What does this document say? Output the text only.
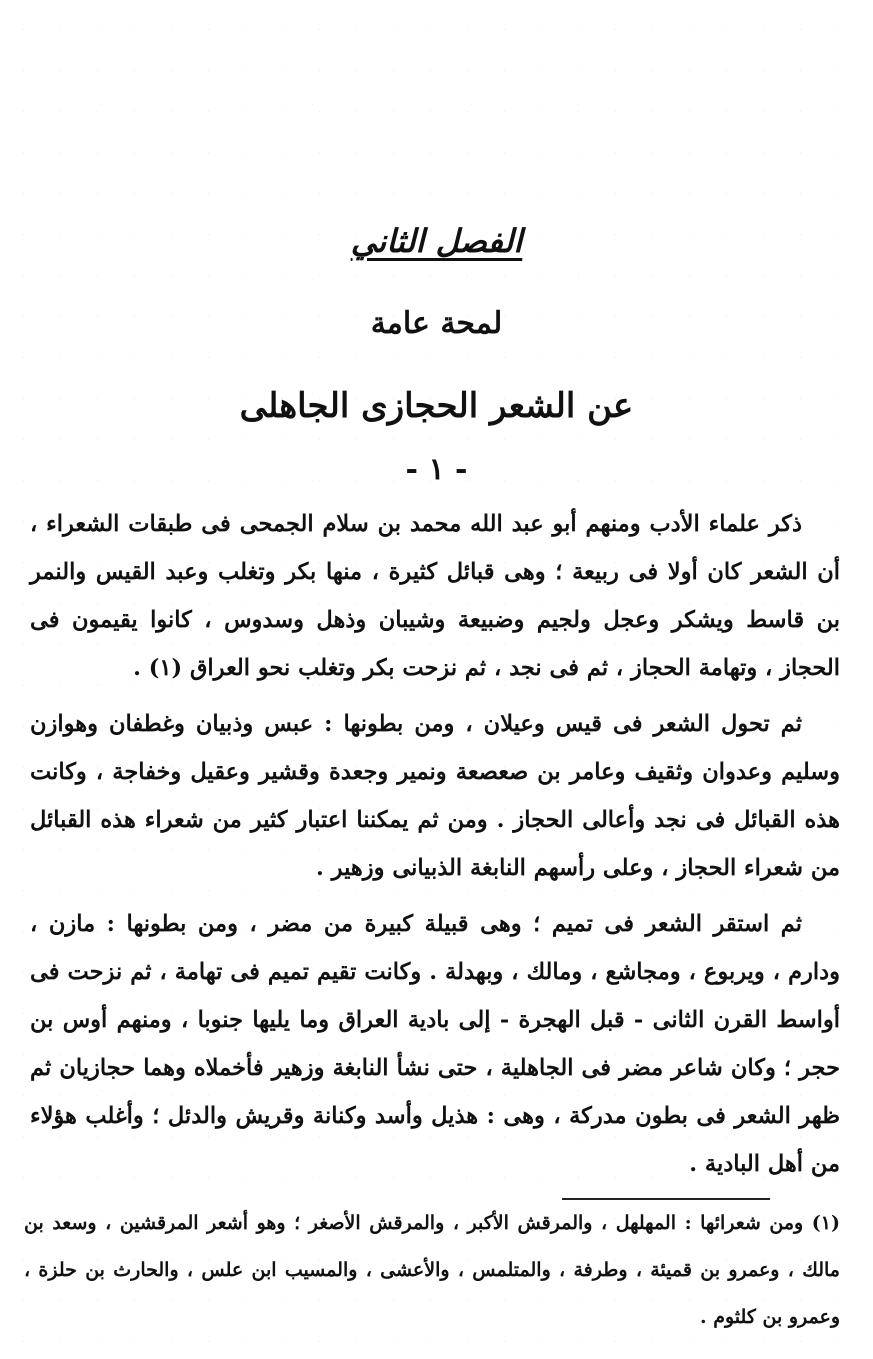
الفصل الثاني
لمحة عامة
عن الشعر الحجازى الجاهلى
- ١ -

ذكر علماء الأدب ومنهم أبو عبد الله محمد بن سلام الجمحى فى طبقات الشعراء ، أن الشعر كان أولا فى ربيعة ؛ وهى قبائل كثيرة ، منها بكر وتغلب وعبد القيس والنمر بن قاسط ويشكر وعجل ولجيم وضبيعة وشيبان وذهل وسدوس ، كانوا يقيمون فى الحجاز ، وتهامة الحجاز ، ثم فى نجد ، ثم نزحت بكر وتغلب نحو العراق (١) .

ثم تحول الشعر فى قيس وعيلان ، ومن بطونها : عبس وذبيان وغطفان وهوازن وسليم وعدوان وثقيف وعامر بن صعصعة ونمير وجعدة وقشير وعقيل وخفاجة ، وكانت هذه القبائل فى نجد وأعالى الحجاز . ومن ثم يمكننا اعتبار كثير من شعراء هذه القبائل من شعراء الحجاز ، وعلى رأسهم النابغة الذبيانى وزهير .

ثم استقر الشعر فى تميم ؛ وهى قبيلة كبيرة من مضر ، ومن بطونها : مازن ، ودارم ، ويربوع ، ومجاشع ، ومالك ، وبهدلة . وكانت تقيم تميم فى تهامة ، ثم نزحت فى أواسط القرن الثانى - قبل الهجرة - إلى بادية العراق وما يليها جنوبا ، ومنهم أوس بن حجر ؛ وكان شاعر مضر فى الجاهلية ، حتى نشأ النابغة وزهير فأخملاه وهما حجازيان ثم ظهر الشعر فى بطون مدركة ، وهى : هذيل وأسد وكنانة وقريش والدئل ؛ وأغلب هؤلاء من أهل البادية .

(١) ومن شعرائها : المهلهل ، والمرقش الأكبر ، والمرقش الأصغر ؛ وهو أشعر المرقشين ، وسعد بن مالك ، وعمرو بن قميئة ، وطرفة ، والمتلمس ، والأعشى ، والمسيب ابن علس ، والحارث بن حلزة ، وعمرو بن كلثوم .
